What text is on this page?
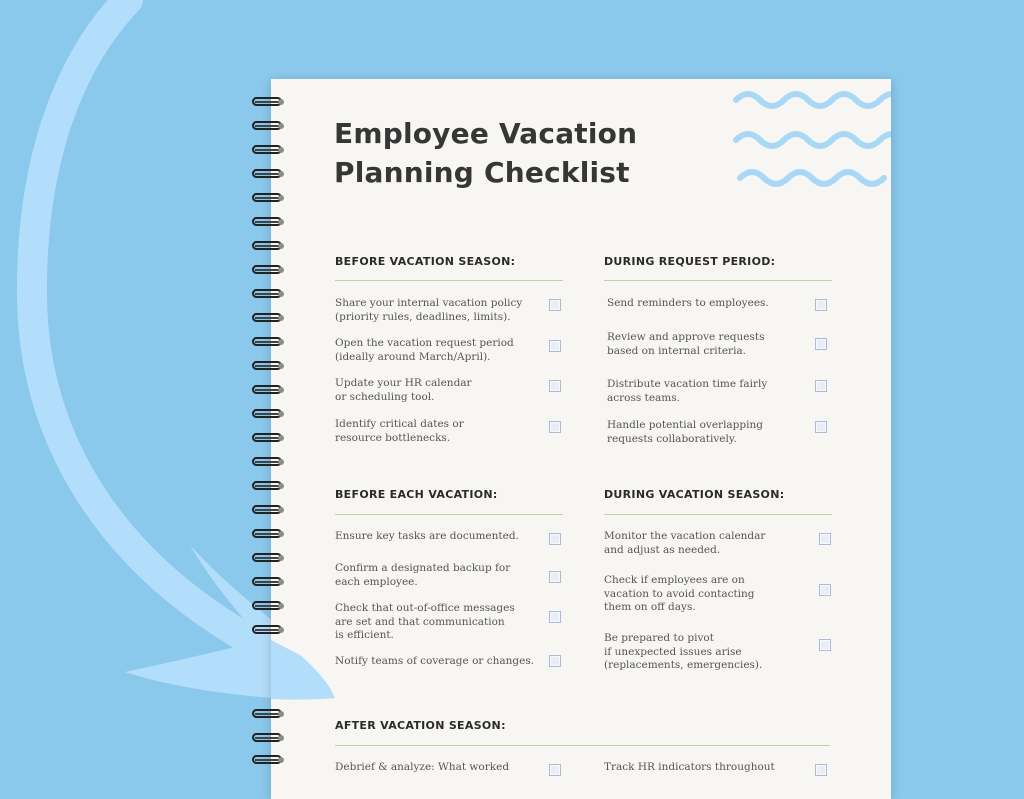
Employee Vacation
Planning Checklist
BEFORE VACATION SEASON:
Share your internal vacation policy
(priority rules, deadlines, limits).
Open the vacation request period
(ideally around March/April).
Update your HR calendar
or scheduling tool.
Identify critical dates or
resource bottlenecks.
DURING REQUEST PERIOD:
Send reminders to employees.
Review and approve requests
based on internal criteria.
Distribute vacation time fairly
across teams.
Handle potential overlapping
requests collaboratively.
BEFORE EACH VACATION:
Ensure key tasks are documented.
Confirm a designated backup for
each employee.
Check that out-of-office messages
are set and that communication
is efficient.
Notify teams of coverage or changes.
DURING VACATION SEASON:
Monitor the vacation calendar
and adjust as needed.
Check if employees are on
vacation to avoid contacting
them on off days.
Be prepared to pivot
if unexpected issues arise
(replacements, emergencies).
AFTER VACATION SEASON:
Debrief & analyze: What worked	Track HR indicators throughout
